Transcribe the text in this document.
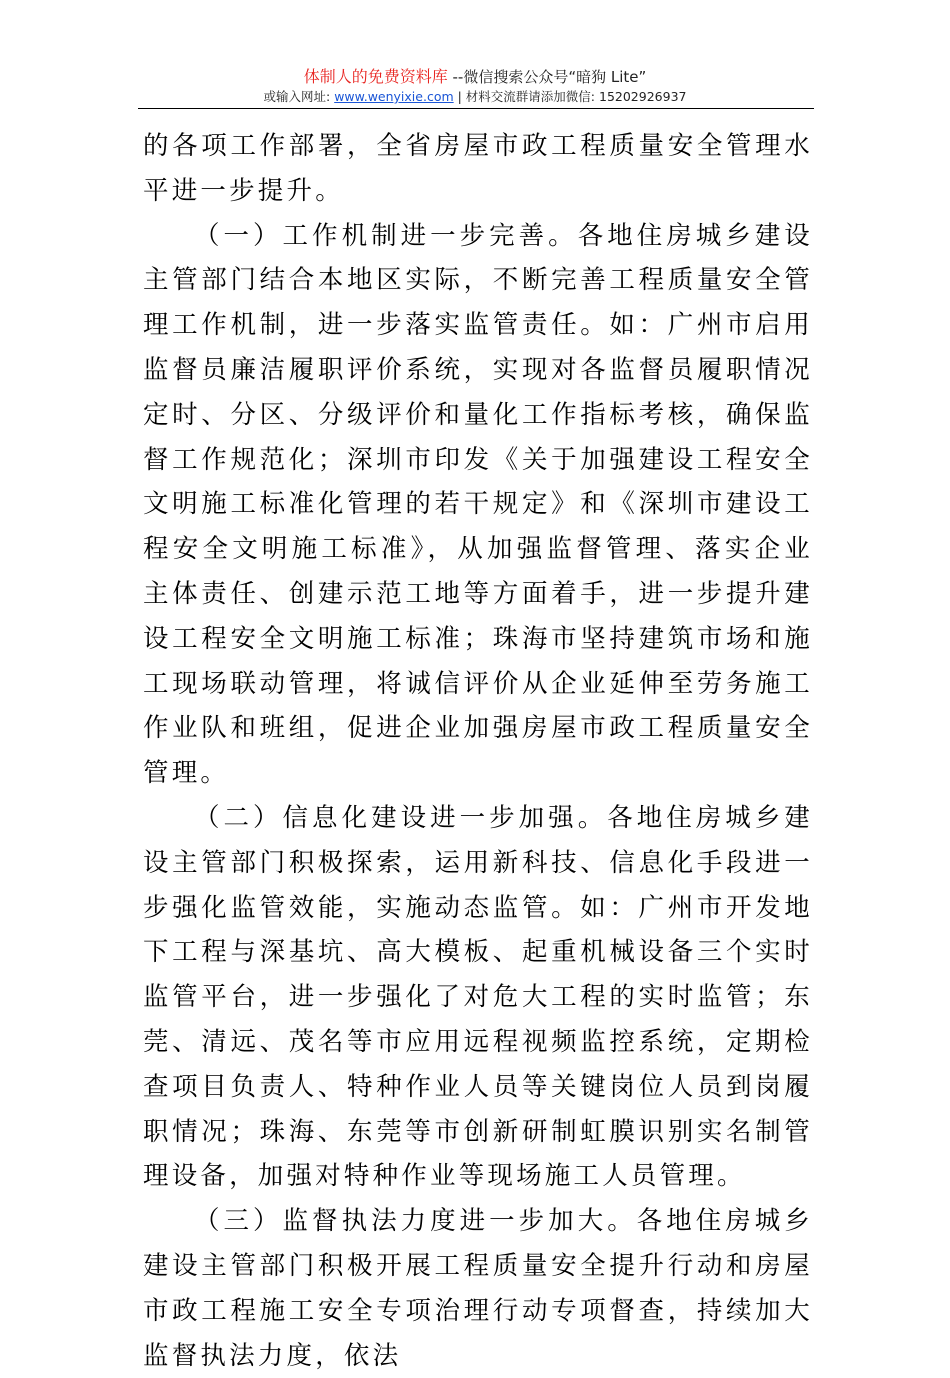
体制人的免费资料库 --微信搜索公众号“暗狗 Lite”
或输入网址: www.wenyixie.com | 材料交流群请添加微信: 15202926937

的各项工作部署，全省房屋市政工程质量安全管理水平进一步提升。

（一）工作机制进一步完善。各地住房城乡建设主管部门结合本地区实际，不断完善工程质量安全管理工作机制，进一步落实监管责任。如：广州市启用监督员廉洁履职评价系统，实现对各监督员履职情况定时、分区、分级评价和量化工作指标考核，确保监督工作规范化；深圳市印发《关于加强建设工程安全文明施工标准化管理的若干规定》和《深圳市建设工程安全文明施工标准》，从加强监督管理、落实企业主体责任、创建示范工地等方面着手，进一步提升建设工程安全文明施工标准；珠海市坚持建筑市场和施工现场联动管理，将诚信评价从企业延伸至劳务施工作业队和班组，促进企业加强房屋市政工程质量安全管理。

（二）信息化建设进一步加强。各地住房城乡建设主管部门积极探索，运用新科技、信息化手段进一步强化监管效能，实施动态监管。如：广州市开发地下工程与深基坑、高大模板、起重机械设备三个实时监管平台，进一步强化了对危大工程的实时监管；东莞、清远、茂名等市应用远程视频监控系统，定期检查项目负责人、特种作业人员等关键岗位人员到岗履职情况；珠海、东莞等市创新研制虹膜识别实名制管理设备，加强对特种作业等现场施工人员管理。

（三）监督执法力度进一步加大。各地住房城乡建设主管部门积极开展工程质量安全提升行动和房屋市政工程施工安全专项治理行动专项督查，持续加大监督执法力度，依法
